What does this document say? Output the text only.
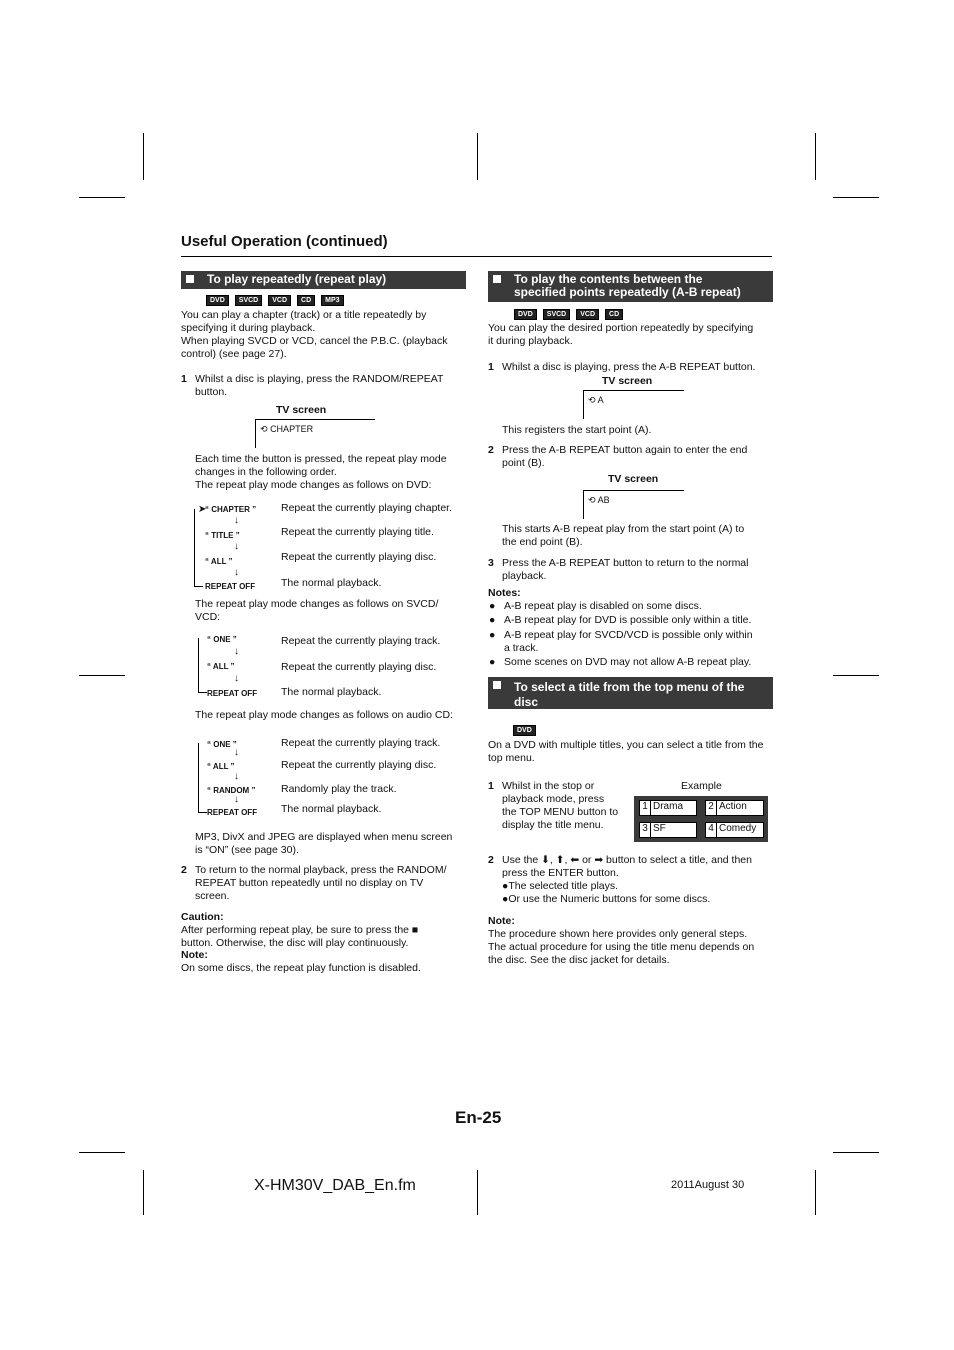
Useful Operation (continued)
To play repeatedly (repeat play)
DVD	SVCD	VCD	CD	MP3
You can play a chapter (track) or a title repeatedly by
specifying it during playback.
When playing SVCD or VCD, cancel the P.B.C. (playback
control) (see page 27).
1 Whilst a disc is playing, press the RANDOM/REPEAT
button.
TV screen
⟲ CHAPTER
Each time the button is pressed, the repeat play mode
changes in the following order.
The repeat play mode changes as follows on DVD:
➤
“ CHAPTER ” Repeat the currently playing chapter.
↓
“ TITLE ”	Repeat the currently playing title.
↓
“ ALL ”	Repeat the currently playing disc.
↓
REPEAT OFF The normal playback.
The repeat play mode changes as follows on SVCD/
VCD:
“ ONE ”	Repeat the currently playing track.
↓
“ ALL ”	Repeat the currently playing disc.
↓
REPEAT OFF The normal playback.
The repeat play mode changes as follows on audio CD:
“ ONE ”	Repeat the currently playing track.
↓
“ ALL ”	Repeat the currently playing disc.
↓
“ RANDOM ” Randomly play the track.
↓
REPEAT OFF The normal playback.
MP3, DivX and JPEG are displayed when menu screen
is “ON” (see page 30).
2 To return to the normal playback, press the RANDOM/
REPEAT button repeatedly until no display on TV
screen.
Caution:
After performing repeat play, be sure to press the ■
button. Otherwise, the disc will play continuously.
Note:
On some discs, the repeat play function is disabled.
To play the contents between the
specified points repeatedly (A-B repeat)
DVD	SVCD	VCD	CD
You can play the desired portion repeatedly by specifying
it during playback.
1 Whilst a disc is playing, press the A-B REPEAT button.
TV screen
⟲ A
This registers the start point (A).
2 Press the A-B REPEAT button again to enter the end
point (B).
TV screen
⟲ AB
This starts A-B repeat play from the start point (A) to
the end point (B).
3 Press the A-B REPEAT button to return to the normal
playback.
Notes:
● A-B repeat play is disabled on some discs.
● A-B repeat play for DVD is possible only within a title.
● A-B repeat play for SVCD/VCD is possible only within
a track.
● Some scenes on DVD may not allow A-B repeat play.
To select a title from the top menu of the
disc
DVD
On a DVD with multiple titles, you can select a title from the
top menu.
1 Whilst in the stop or
playback mode, press
the TOP MENU button to
display the title menu.
Example
1 Drama	2 Action
3 SF	4 Comedy
2 Use the ⬇, ⬆, ⬅ or ➡ button to select a title, and then
press the ENTER button.
●The selected title plays.
●Or use the Numeric buttons for some discs.
Note:
The procedure shown here provides only general steps.
The actual procedure for using the title menu depends on
the disc. See the disc jacket for details.
En-25
X-HM30V_DAB_En.fm	2011August 30
